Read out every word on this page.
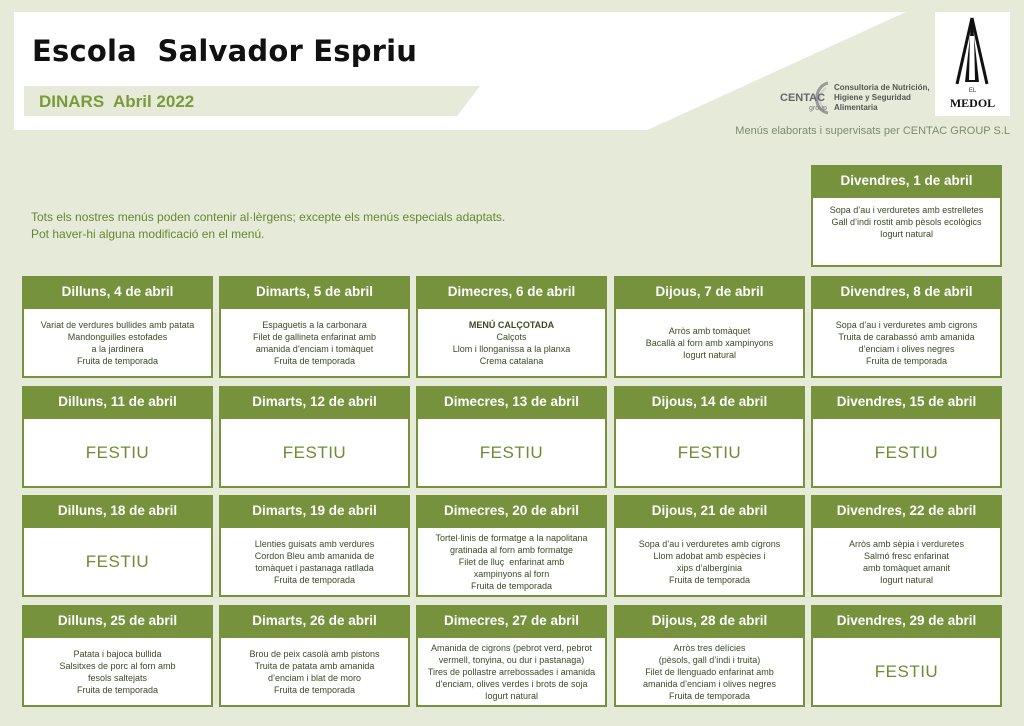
Escola  Salvador Espriu
DINARS  Abril 2022	CENTAC
group
Consultoria de Nutrición, Higiene y Seguridad Alimentaria
EL
MEDOL
Menús elaborats i supervisats per CENTAC GROUP S.L
Tots els nostres menús poden contenir al·lèrgens; excepte els menús especials adaptats.
Pot haver-hi alguna modificació en el menú.
Divendres, 1 de abril
Sopa d’au i verduretes amb estrelletes
Gall d’indi rostit amb pèsols ecològics
Iogurt natural
Dilluns, 4 de abril
Variat de verdures bullides amb patata
Mandonguilles estofades
a la jardinera
Fruita de temporada
Dimarts, 5 de abril
Espaguetis a la carbonara
Filet de gallineta enfarinat amb
amanida d’enciam i tomàquet
Fruita de temporada
Dimecres, 6 de abril
MENÚ CALÇOTADA
Calçots
Llom i llonganissa a la planxa
Crema catalana
Dijous, 7 de abril
Arròs amb tomàquet
Bacallà al forn amb xampinyons
Iogurt natural
Divendres, 8 de abril
Sopa d’au i verduretes amb cigrons
Truita de carabassó amb amanida
d’enciam i olives negres
Fruita de temporada
Dilluns, 11 de abril
FESTIU
Dimarts, 12 de abril
FESTIU
Dimecres, 13 de abril
FESTIU
Dijous, 14 de abril
FESTIU
Divendres, 15 de abril
FESTIU
Dilluns, 18 de abril
FESTIU
Dimarts, 19 de abril
Llenties guisats amb verdures
Cordon Bleu amb amanida de
tomàquet i pastanaga ratllada
Fruita de temporada
Dimecres, 20 de abril
Tortel·linis de formatge a la napolitana
gratinada al forn amb formatge
Filet de lluç  enfarinat amb
xampinyons al forn
Fruita de temporada
Dijous, 21 de abril
Sopa d’au i verduretes amb cigrons
Llom adobat amb espècies i
xips d’albergínia
Fruita de temporada
Divendres, 22 de abril
Arròs amb sèpia i verduretes
Salmó fresc enfarinat
amb tomàquet amanit
Iogurt natural
Dilluns, 25 de abril
Patata i bajoca bullida
Salsitxes de porc al forn amb
fesols saltejats
Fruita de temporada
Dimarts, 26 de abril
Brou de peix casolà amb pistons
Truita de patata amb amanida
d’enciam i blat de moro
Fruita de temporada
Dimecres, 27 de abril
Amanida de cigrons (pebrot verd, pebrot
vermell, tonyina, ou dur i pastanaga)
Tires de pollastre arrebossades i amanida
d’enciam, olives verdes i brots de soja
Iogurt natural
Dijous, 28 de abril
Arròs tres delícies
(pèsols, gall d’indi i truita)
Filet de llenguado enfarinat amb
amanida d’enciam i olives negres
Fruita de temporada
Divendres, 29 de abril
FESTIU
